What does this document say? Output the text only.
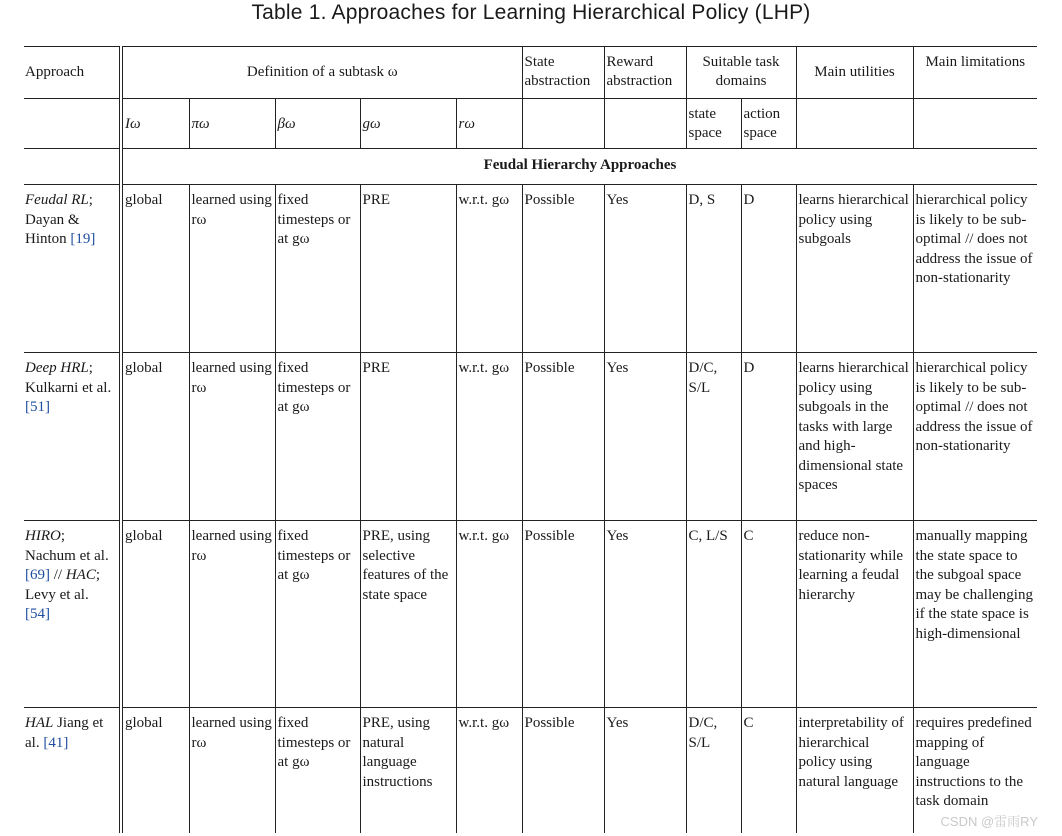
Table 1. Approaches for Learning Hierarchical Policy (LHP)
Approach	Definition of a subtask ω					State abstraction	Reward abstraction	Suitable task domains		Main utilities	Main limitations
	Iω	πω	βω	gω	rω			state space	action space		
	Feudal Hierarchy Approaches										
Feudal RL; Dayan & Hinton [19]	global	learned using rω	fixed timesteps or at gω	PRE	w.r.t. gω	Possible	Yes	D, S	D	learns hierarchical policy using subgoals	hierarchical policy is likely to be sub-optimal // does not address the issue of non-stationarity
Deep HRL; Kulkarni et al. [51]	global	learned using rω	fixed timesteps or at gω	PRE	w.r.t. gω	Possible	Yes	D/C, S/L	D	learns hierarchical policy using subgoals in the tasks with large and high-dimensional state spaces	hierarchical policy is likely to be sub-optimal // does not address the issue of non-stationarity
HIRO; Nachum et al. [69] // HAC; Levy et al. [54]	global	learned using rω	fixed timesteps or at gω	PRE, using selective features of the state space	w.r.t. gω	Possible	Yes	C, L/S	C	reduce non-stationarity while learning a feudal hierarchy	manually mapping the state space to the subgoal space may be challenging if the state space is high-dimensional
HAL Jiang et al. [41]	global	learned using rω	fixed timesteps or at gω	PRE, using natural language instructions	w.r.t. gω	Possible	Yes	D/C, S/L	C	interpretability of hierarchical policy using natural language	requires predefined mapping of language instructions to the task domain
CSDN @雷雨RY
